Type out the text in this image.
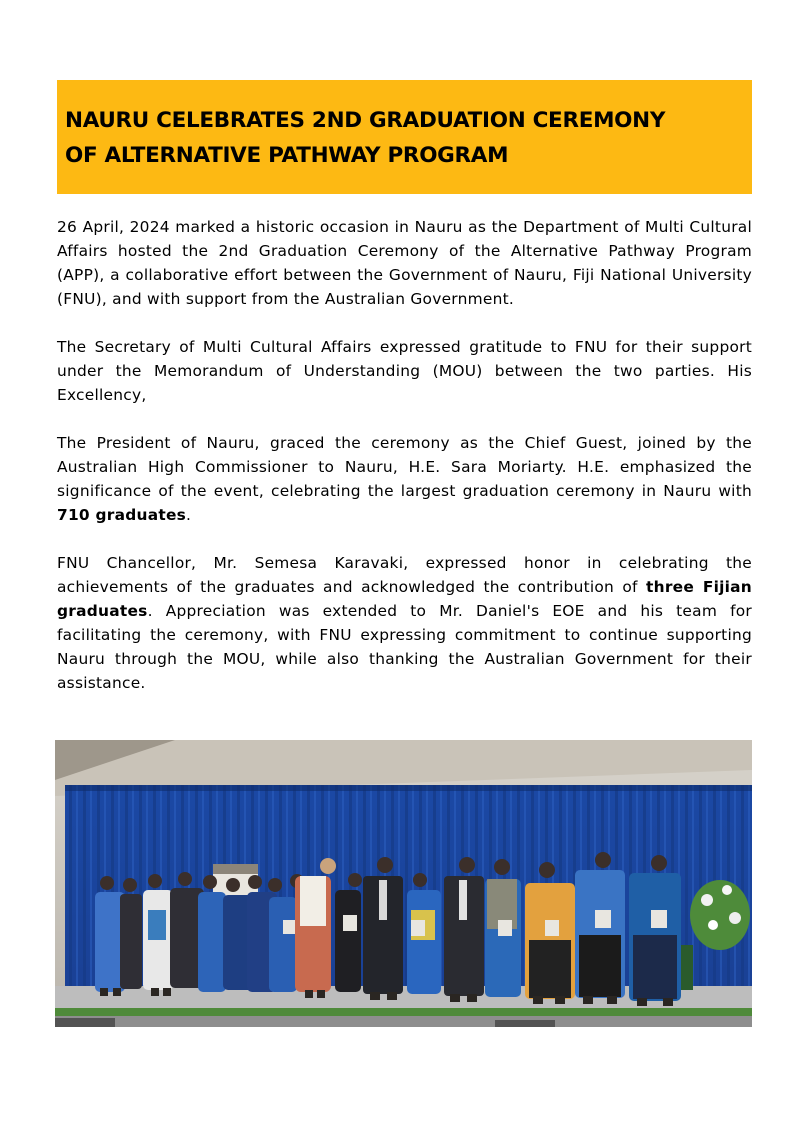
NAURU CELEBRATES 2ND GRADUATION CEREMONY
OF ALTERNATIVE PATHWAY PROGRAM

26 April, 2024 marked a historic occasion in Nauru as the Department of Multi Cultural Affairs hosted the 2nd Graduation Ceremony of the Alternative Pathway Program (APP), a collaborative effort between the Government of Nauru, Fiji National University (FNU), and with support from the Australian Government.

The Secretary of Multi Cultural Affairs expressed gratitude to FNU for their support under the Memorandum of Understanding (MOU) between the two parties. His Excellency,

The President of Nauru, graced the ceremony as the Chief Guest, joined by the Australian High Commissioner to Nauru, H.E. Sara Moriarty. H.E. emphasized the significance of the event, celebrating the largest graduation ceremony in Nauru with 710 graduates.

FNU Chancellor, Mr. Semesa Karavaki, expressed honor in celebrating the achievements of the graduates and acknowledged the contribution of three Fijian graduates. Appreciation was extended to Mr. Daniel's EOE and his team for facilitating the ceremony, with FNU expressing commitment to continue supporting Nauru through the MOU, while also thanking the Australian Government for their assistance.
